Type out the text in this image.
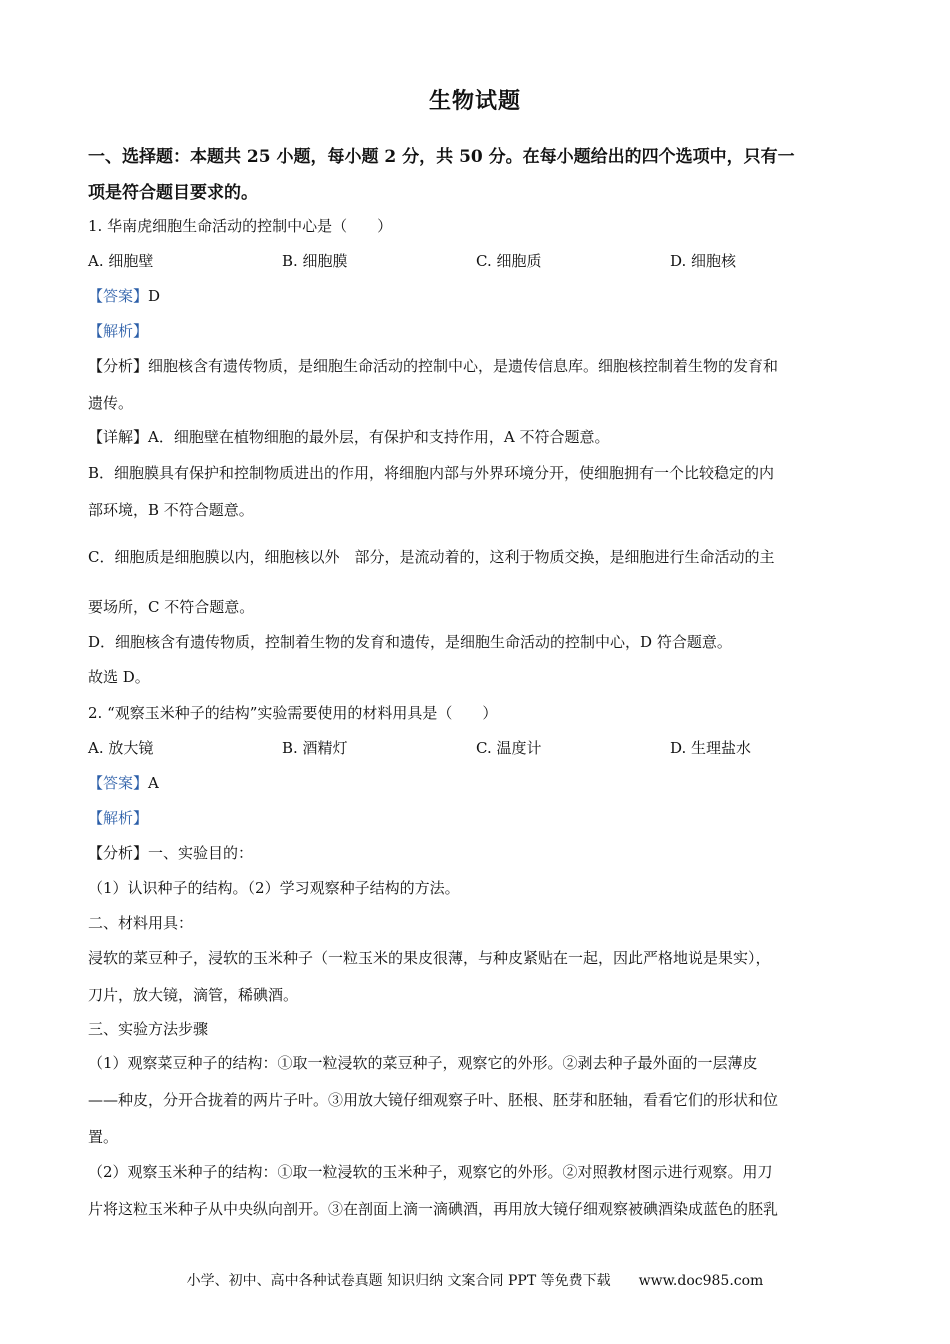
生物试题
一、选择题：本题共 25 小题，每小题 2 分，共 50 分。在每小题给出的四个选项中，只有一
项是符合题目要求的。
1. 华南虎细胞生命活动的控制中心是（　　）
A. 细胞壁	B. 细胞膜	C. 细胞质	D. 细胞核
【答案】D
【解析】
【分析】细胞核含有遗传物质，是细胞生命活动的控制中心，是遗传信息库。细胞核控制着生物的发育和
遗传。
【详解】A．细胞壁在植物细胞的最外层，有保护和支持作用，A 不符合题意。
B．细胞膜具有保护和控制物质进出的作用，将细胞内部与外界环境分开，使细胞拥有一个比较稳定的内
部环境，B 不符合题意。
C．细胞质是细胞膜以内，细胞核以外　部分，是流动着的，这利于物质交换，是细胞进行生命活动的主
要场所，C 不符合题意。
D．细胞核含有遗传物质，控制着生物的发育和遗传，是细胞生命活动的控制中心，D 符合题意。
故选 D。
2. “观察玉米种子的结构”实验需要使用的材料用具是（　　）
A. 放大镜	B. 酒精灯	C. 温度计	D. 生理盐水
【答案】A
【解析】
【分析】一、实验目的：
（1）认识种子的结构。（2）学习观察种子结构的方法。
二、材料用具：
浸软的菜豆种子，浸软的玉米种子（一粒玉米的果皮很薄，与种皮紧贴在一起，因此严格地说是果实），
刀片，放大镜，滴管，稀碘酒。
三、实验方法步骤
（1）观察菜豆种子的结构：①取一粒浸软的菜豆种子，观察它的外形。②剥去种子最外面的一层薄皮
——种皮，分开合拢着的两片子叶。③用放大镜仔细观察子叶、胚根、胚芽和胚轴，看看它们的形状和位
置。
（2）观察玉米种子的结构：①取一粒浸软的玉米种子，观察它的外形。②对照教材图示进行观察。用刀
片将这粒玉米种子从中央纵向剖开。③在剖面上滴一滴碘酒，再用放大镜仔细观察被碘酒染成蓝色的胚乳
小学、初中、高中各种试卷真题 知识归纳 文案合同 PPT 等免费下载　　www.doc985.com
